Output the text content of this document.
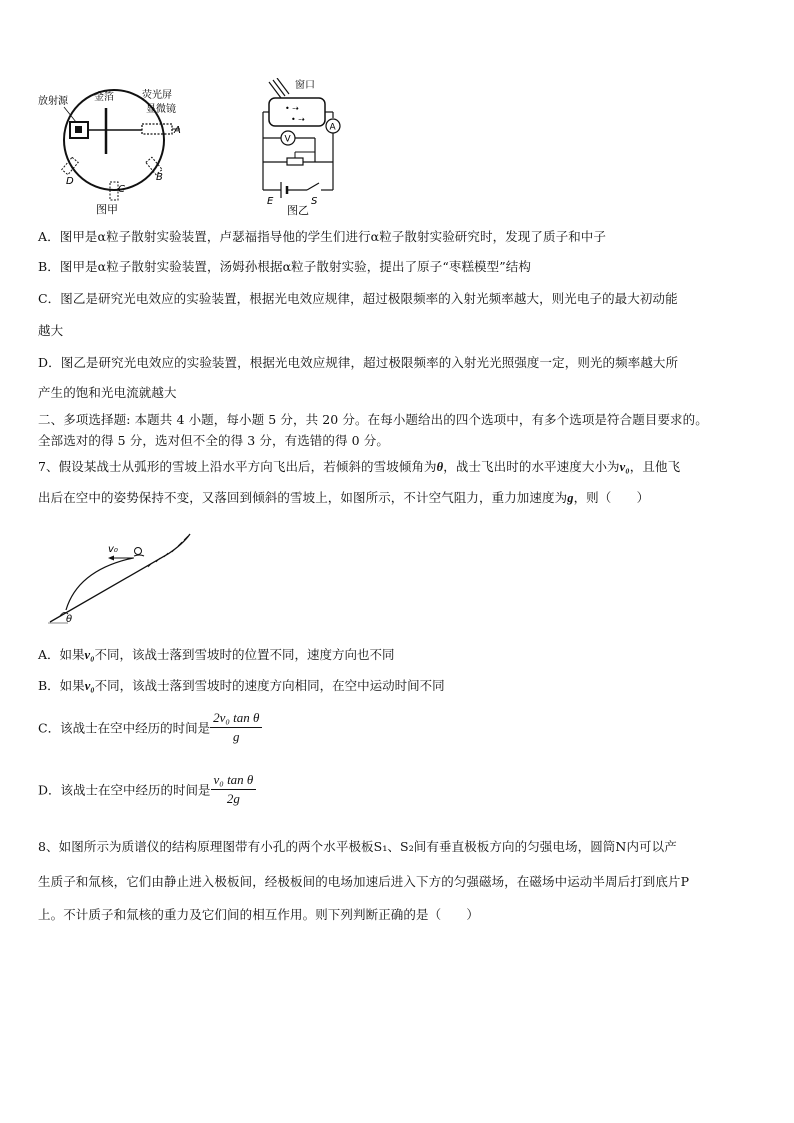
放射源	金箔	荧光屏
显微镜
A
D
C
B
图甲
窗口
• ⇢
• ⇢
A
V
E	S
图乙
A．图甲是α粒子散射实验装置，卢瑟福指导他的学生们进行α粒子散射实验研究时，发现了质子和中子
B．图甲是α粒子散射实验装置，汤姆孙根据α粒子散射实验，提出了原子“枣糕模型”结构
C．图乙是研究光电效应的实验装置，根据光电效应规律，超过极限频率的入射光频率越大，则光电子的最大初动能
越大
D．图乙是研究光电效应的实验装置，根据光电效应规律，超过极限频率的入射光光照强度一定，则光的频率越大所
产生的饱和光电流就越大
二、多项选择题: 本题共 4 小题，每小题 5 分，共 20 分。在每小题给出的四个选项中，有多个选项是符合题目要求的。
全部选对的得 5 分，选对但不全的得 3 分，有选错的得 0 分。
7、假设某战士从弧形的雪坡上沿水平方向飞出后，若倾斜的雪坡倾角为θ，战士飞出时的水平速度大小为v₀，且他飞
出后在空中的姿势保持不变，又落回到倾斜的雪坡上，如图所示，不计空气阻力，重力加速度为g，则（　　）
v₀
θ
A．如果v₀不同，该战士落到雪坡时的位置不同，速度方向也不同
B．如果v₀不同，该战士落到雪坡时的速度方向相同，在空中运动时间不同
C．该战士在空中经历的时间是 $\frac{\text{2v₀ tan θ}}{g}$
D．该战士在空中经历的时间是 $\frac{\text{v₀ tan θ}}{2g}$
8、如图所示为质谱仪的结构原理图带有小孔的两个水平极板S₁、S₂间有垂直极板方向的匀强电场，圆筒N内可以产
生质子和氚核，它们由静止进入极板间，经极板间的电场加速后进入下方的匀强磁场，在磁场中运动半周后打到底片P
上。不计质子和氚核的重力及它们间的相互作用。则下列判断正确的是（　　）
